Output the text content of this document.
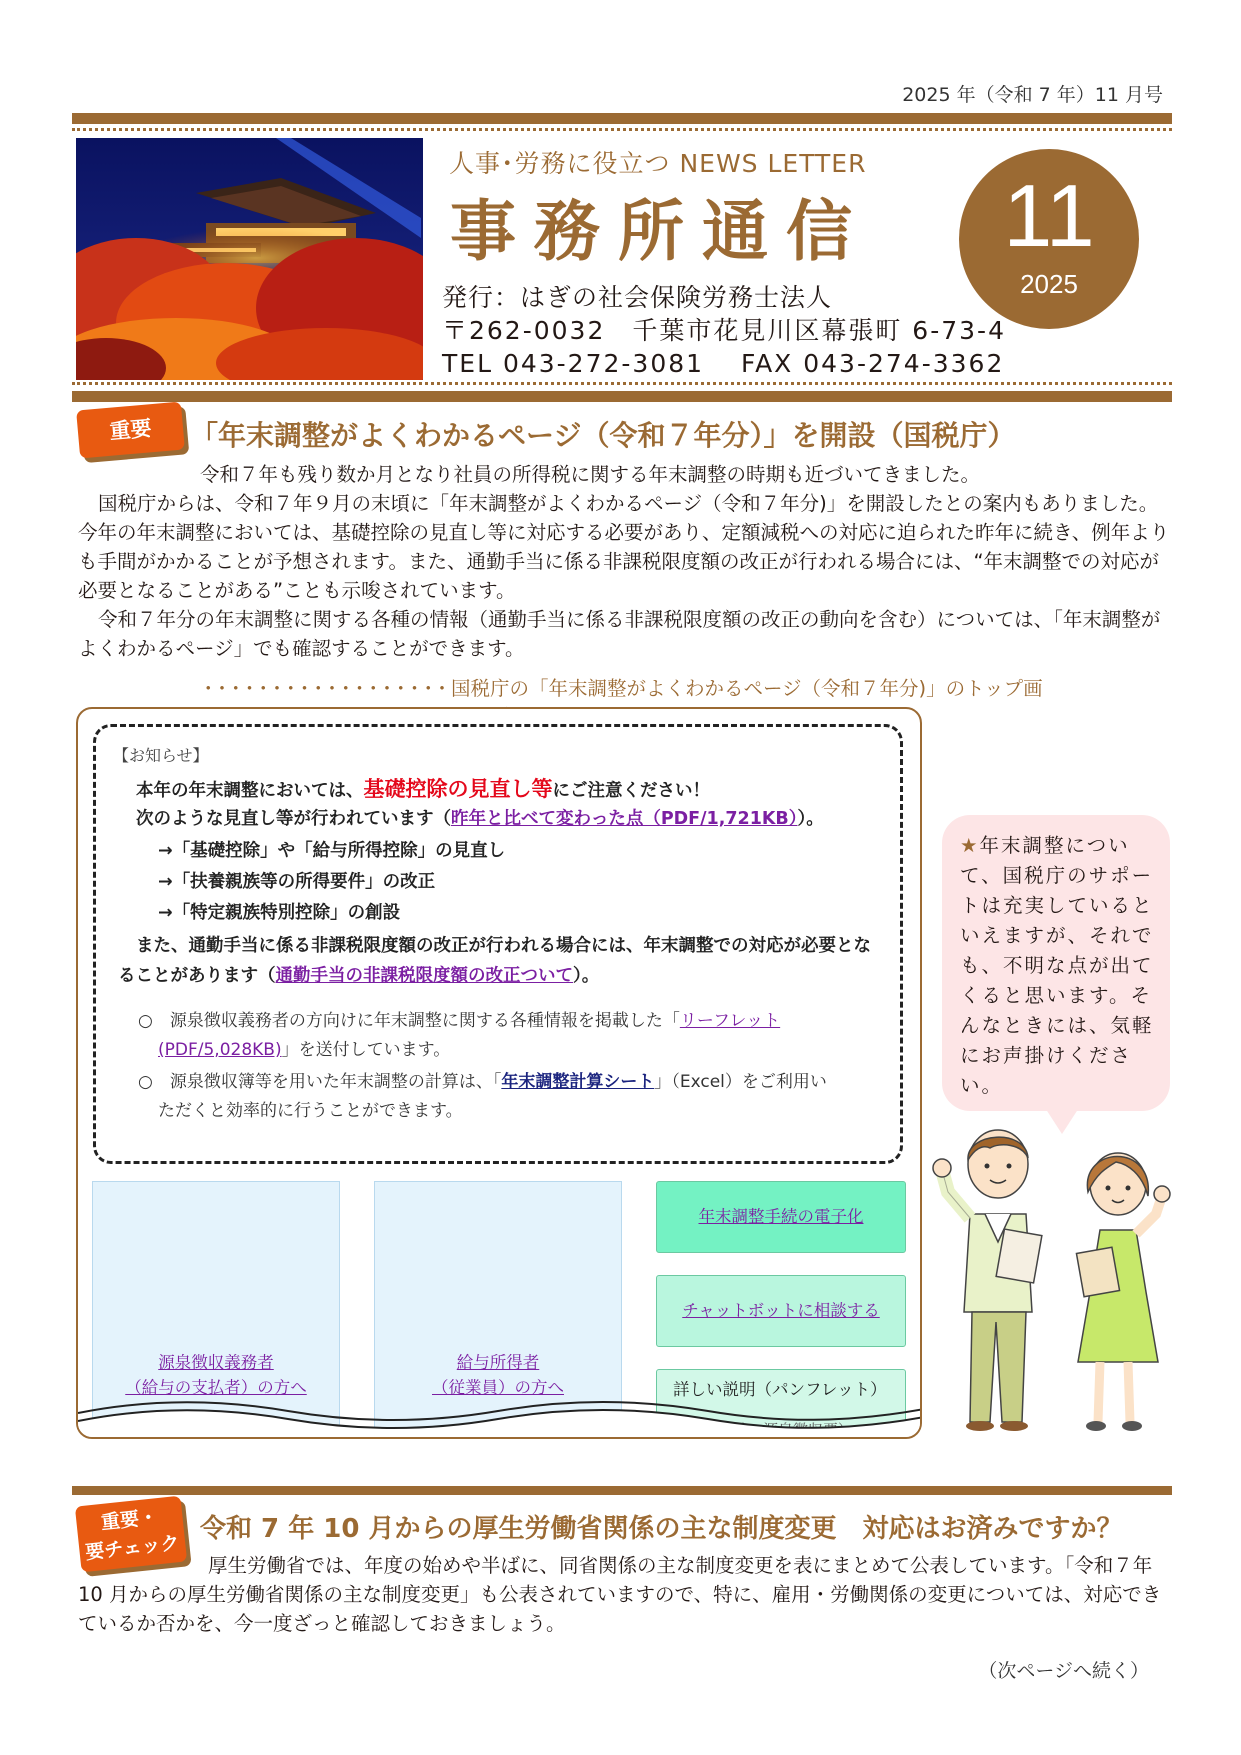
2025 年（令和 7 年）11 月号
人事･労務に役立つ NEWS LETTER
事務所通信
発行：はぎの社会保険労務士法人
〒262-0032　千葉市花見川区幕張町 6-73-4
TEL 043-272-3081　 FAX 043-274-3362
11
2025
重要	「年末調整がよくわかるページ（令和７年分）」を開設（国税庁）
令和７年も残り数か月となり社員の所得税に関する年末調整の時期も近づいてきました。
国税庁からは、令和７年９月の末頃に「年末調整がよくわかるページ（令和７年分)」を開設したとの案内もありました。今年の年末調整においては、基礎控除の見直し等に対応する必要があり、定額減税への対応に迫られた昨年に続き、例年よりも手間がかかることが予想されます。また、通勤手当に係る非課税限度額の改正が行われる場合には、“年末調整での対応が必要となることがある”ことも示唆されています。
令和７年分の年末調整に関する各種の情報（通勤手当に係る非課税限度額の改正の動向を含む）については、「年末調整がよくわかるページ」でも確認することができます。
･･････････････････国税庁の「年末調整がよくわかるページ（令和７年分)」のトップ画
【お知らせ】
本年の年末調整においては、基礎控除の見直し等にご注意ください！
次のような見直し等が行われています（昨年と比べて変わった点（PDF/1,721KB））。
→「基礎控除」や「給与所得控除」の見直し
→「扶養親族等の所得要件」の改正
→「特定親族特別控除」の創設
また、通勤手当に係る非課税限度額の改正が行われる場合には、年末調整での対応が必要とな
ることがあります（通勤手当の非課税限度額の改正ついて）。
○　源泉徴収義務者の方向けに年末調整に関する各種情報を掲載した「リーフレット
(PDF/5,028KB)」を送付しています。
○　源泉徴収簿等を用いた年末調整の計算は、「年末調整計算シート」（Excel）をご利用い
ただくと効率的に行うことができます。
源泉徴収義務者
（給与の支払者）の方へ
給与所得者
（従業員）の方へ
年末調整手続の電子化
チャットボットに相談する
詳しい説明（パンフレット）

★年末調整について、国税庁のサポートは充実しているといえますが、それでも、不明な点が出てくると思います。そんなときには、気軽にお声掛けください。
重要・
要チェック
令和 7 年 10 月からの厚生労働省関係の主な制度変更　対応はお済みですか？
厚生労働省では、年度の始めや半ばに、同省関係の主な制度変更を表にまとめて公表しています。「令和７年 10 月からの厚生労働省関係の主な制度変更」も公表されていますので、特に、雇用・労働関係の変更については、対応できているか否かを、今一度ざっと確認しておきましょう。
（次ページへ続く）
